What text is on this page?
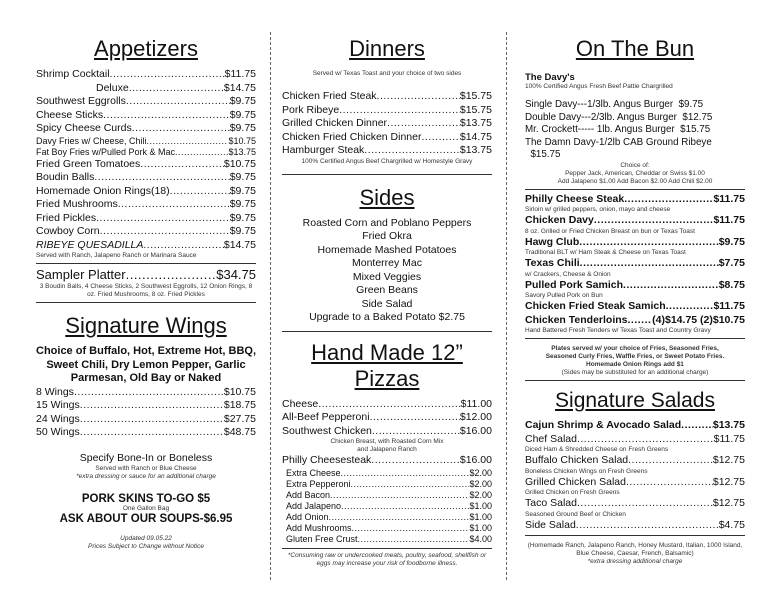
Appetizers
Shrimp Cocktail .....	$11.75
Deluxe .....	$14.75
Southwest Eggrolls .....	$9.75
Cheese Sticks .....	$9.75
Spicy Cheese Curds .....	$9.75
Davy Fries w/ Cheese, Chili .....	$10.75
Fat Boy Fries w/Pulled Pork & Mac .....	$13.75
Fried Green Tomatoes .....	$10.75
Boudin Balls .....	$9.75
Homemade Onion Rings(18) .....	$9.75
Fried Mushrooms .....	$9.75
Fried Pickles .....	$9.75
Cowboy Corn .....	$9.75
RIBEYE QUESADILLA .....	$14.75
Served with Ranch, Jalapeno Ranch or Marinara Sauce
Sampler Platter .....	$34.75
3 Boudin Balls, 4 Cheese Sticks, 2 Southwest Eggrolls, 12 Onion Rings, 8 oz. Fried Mushrooms, 8 oz. Fried Pickles
Signature Wings
Choice of Buffalo, Hot, Extreme Hot, BBQ, Sweet Chili, Dry Lemon Pepper, Garlic Parmesan, Old Bay or Naked
8 Wings .....	$10.75
15 Wings .....	$18.75
24 Wings .....	$27.75
50 Wings .....	$48.75
Specify Bone-In or Boneless
Served with Ranch or Blue Cheese
*extra dressing or sauce for an additional charge
PORK SKINS TO-GO $5
One Gallon Bag
ASK ABOUT OUR SOUPS-$6.95
Updated 09.05.22
Prices Subject to Change without Notice
Dinners
Served w/ Texas Toast and your choice of two sides
Chicken Fried Steak .....	$15.75
Pork Ribeye .....	$15.75
Grilled Chicken Dinner .....	$13.75
Chicken Fried Chicken Dinner .....	$14.75
Hamburger Steak .....	$13.75
100% Certified Angus Beef Chargrilled w/ Homestyle Gravy
Sides
Roasted Corn and Poblano Peppers
Fried Okra
Homemade Mashed Potatoes
Monterrey Mac
Mixed Veggies
Green Beans
Side Salad
Upgrade to a Baked Potato $2.75
Hand Made 12”
Pizzas
Cheese .....	$11.00
All-Beef Pepperoni .....	$12.00
Southwest Chicken .....	$16.00
Chicken Breast, with Roasted Corn Mix
and Jalapeno Ranch
Philly Cheesesteak .....	$16.00
Extra Cheese .....	$2.00
Extra Pepperoni .....	$2.00
Add Bacon .....	$2.00
Add Jalapeno .....	$1.00
Add Onion .....	$1.00
Add Mushrooms .....	$1.00
Gluten Free Crust .....	$4.00
*Consuming raw or undercooked meats, poultry, seafood, shellfish or eggs may increase your risk of foodborne illness.
On The Bun
The Davy's
100% Certified Angus Fresh Beef Pattie Chargrilled
Single Davy---1/3lb. Angus Burger $9.75
Double Davy---2/3lb. Angus Burger $12.75
Mr. Crockett----- 1lb. Angus Burger $15.75
The Damn Davy-1/2lb CAB Ground Ribeye  $15.75
Choice of:
Pepper Jack, American, Cheddar or Swiss $1.00
Add Jalapeno $1.00 Add Bacon $2.00 Add Chili $2.00
Philly Cheese Steak .....	$11.75
Sirloin w/ grilled peppers, onion, mayo and cheese
Chicken Davy .....	$11.75
8 oz. Grilled or Fried Chicken Breast on bun or Texas Toast
Hawg Club .....	$9.75
Traditional BLT w/ Ham Steak & Cheese on Texas Toast
Texas Chili .....	$7.75
w/ Crackers, Cheese & Onion
Pulled Pork Samich .....	$8.75
Savory Pulled Pork on Bun
Chicken Fried Steak Samich .....	$11.75
Chicken Tenderloins ..... (4)$14.75 (2)$10.75
Hand Battered Fresh Tenders w/ Texas Toast and Country Gravy
Plates served w/ your choice of Fries, Seasoned Fries,
Seasoned Curly Fries, Waffle Fries, or Sweet Potato Fries.
Homemade Onion Rings add $1
(Sides may be substituted for an additional charge)
Signature Salads
Cajun Shrimp & Avocado Salad .....	$13.75
Chef Salad .....	$11.75
Diced Ham & Shredded Cheese on Fresh Greens
Buffalo Chicken Salad .....	$12.75
Boneless Chicken Wings on Fresh Greens
Grilled Chicken Salad .....	$12.75
Grilled Chicken on Fresh Greens
Taco Salad .....	$12.75
Seasoned Ground Beef or Chicken
Side Salad .....	$4.75
(Homemade Ranch, Jalapeno Ranch, Honey Mustard, Italian, 1000 Island, Blue Cheese, Caesar, French, Balsamic)
*extra dressing additional charge
